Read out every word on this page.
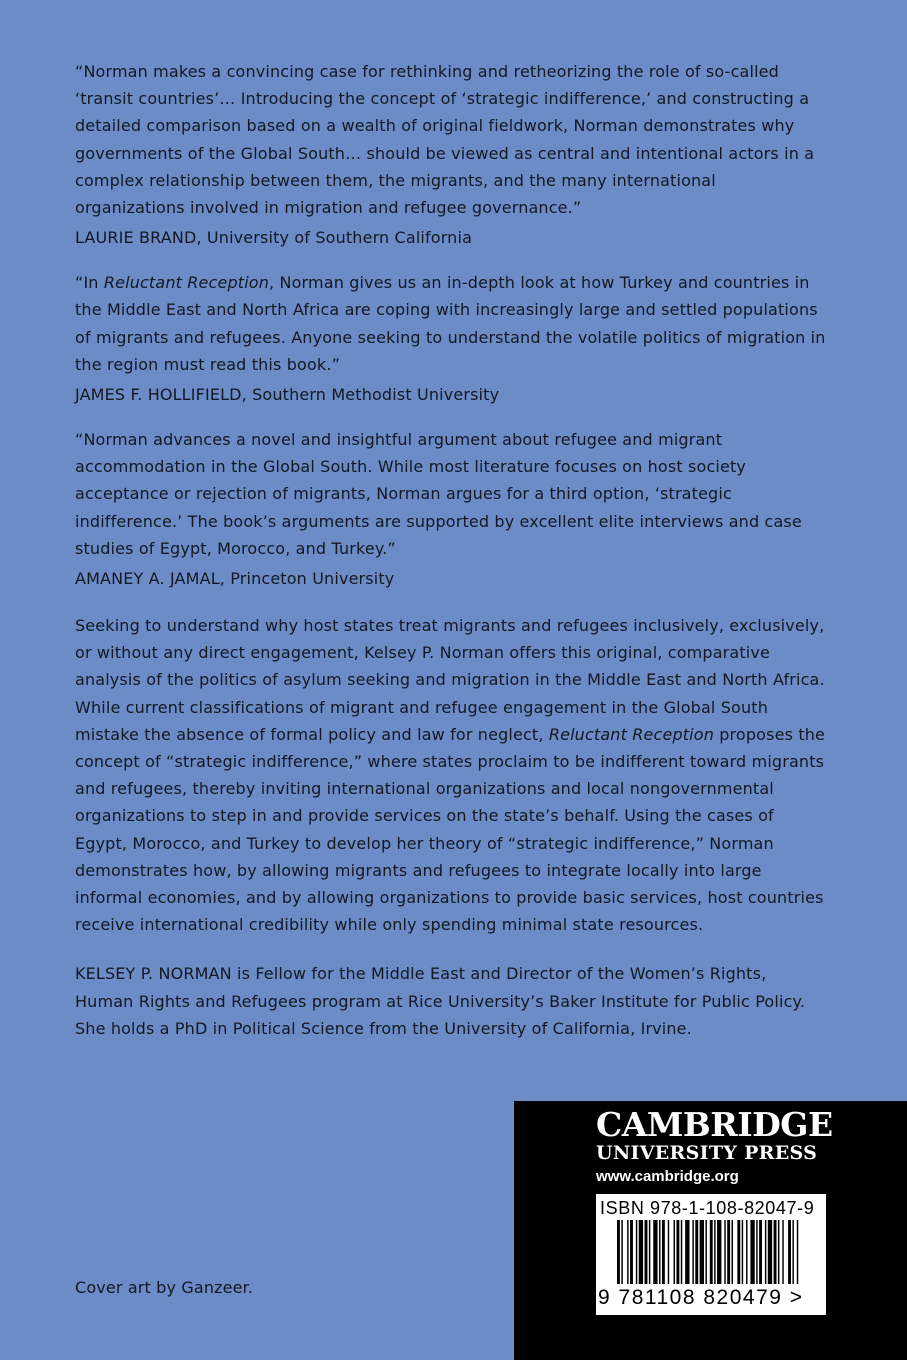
“Norman makes a convincing case for rethinking and retheorizing the role of so-called ‘transit countries’… Introducing the concept of ‘strategic indifference,’ and constructing a detailed comparison based on a wealth of original fieldwork, Norman demonstrates why governments of the Global South… should be viewed as central and intentional actors in a complex relationship between them, the migrants, and the many international organizations involved in migration and refugee governance.”

LAURIE BRAND, University of Southern California

“In Reluctant Reception, Norman gives us an in-depth look at how Turkey and countries in the Middle East and North Africa are coping with increasingly large and settled populations of migrants and refugees. Anyone seeking to understand the volatile politics of migration in the region must read this book.”

JAMES F. HOLLIFIELD, Southern Methodist University

“Norman advances a novel and insightful argument about refugee and migrant accommodation in the Global South. While most literature focuses on host society acceptance or rejection of migrants, Norman argues for a third option, ‘strategic indifference.’ The book’s arguments are supported by excellent elite interviews and case studies of Egypt, Morocco, and Turkey.”

AMANEY A. JAMAL, Princeton University

Seeking to understand why host states treat migrants and refugees inclusively, exclusively, or without any direct engagement, Kelsey P. Norman offers this original, comparative analysis of the politics of asylum seeking and migration in the Middle East and North Africa. While current classifications of migrant and refugee engagement in the Global South mistake the absence of formal policy and law for neglect, Reluctant Reception proposes the concept of “strategic indifference,” where states proclaim to be indifferent toward migrants and refugees, thereby inviting international organizations and local nongovernmental organizations to step in and provide services on the state’s behalf. Using the cases of Egypt, Morocco, and Turkey to develop her theory of “strategic indifference,” Norman demonstrates how, by allowing migrants and refugees to integrate locally into large informal economies, and by allowing organizations to provide basic services, host countries receive international credibility while only spending minimal state resources.

KELSEY P. NORMAN is Fellow for the Middle East and Director of the Women’s Rights, Human Rights and Refugees program at Rice University’s Baker Institute for Public Policy. She holds a PhD in Political Science from the University of California, Irvine.

Cover art by Ganzeer.
CAMBRIDGE
UNIVERSITY PRESS
www.cambridge.org
ISBN 978-1-108-82047-9
9 781108 820479 >
